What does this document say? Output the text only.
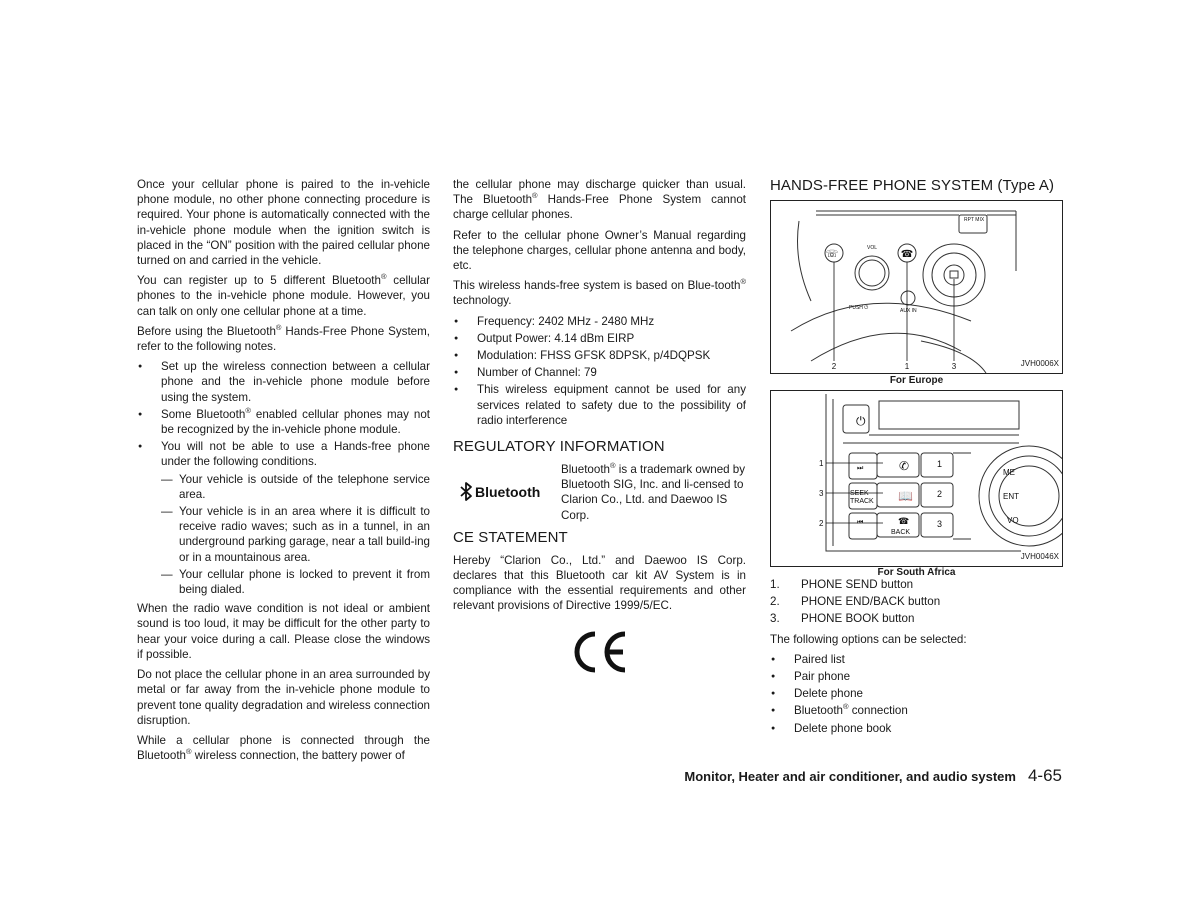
Once your cellular phone is paired to the in-vehicle phone module, no other phone connecting procedure is required. Your phone is automatically connected with the in-vehicle phone module when the ignition switch is placed in the “ON” position with the paired cellular phone turned on and carried in the vehicle.

You can register up to 5 different Bluetooth® cellular phones to the in-vehicle phone module. However, you can talk on only one cellular phone at a time.

Before using the Bluetooth® Hands-Free Phone System, refer to the following notes.

● Set up the wireless connection between a cellular phone and the in-vehicle phone module before using the system.
● Some Bluetooth® enabled cellular phones may not be recognized by the in-vehicle phone module.
● You will not be able to use a Hands-free phone under the following conditions.
— Your vehicle is outside of the telephone service area.
— Your vehicle is in an area where it is difficult to receive radio waves; such as in a tunnel, in an underground parking garage, near a tall build-ing or in a mountainous area.
— Your cellular phone is locked to prevent it from being dialed.

When the radio wave condition is not ideal or ambient sound is too loud, it may be difficult for the other party to hear your voice during a call. Please close the windows if possible.

Do not place the cellular phone in an area surrounded by metal or far away from the in-vehicle phone module to prevent tone quality degradation and wireless connection disruption.

While a cellular phone is connected through the Bluetooth® wireless connection, the battery power of

the cellular phone may discharge quicker than usual. The Bluetooth® Hands-Free Phone System cannot charge cellular phones.

Refer to the cellular phone Owner’s Manual regarding the telephone charges, cellular phone antenna and body, etc.

This wireless hands-free system is based on Blue-tooth® technology.

● Frequency: 2402 MHz - 2480 MHz
● Output Power: 4.14 dBm EIRP
● Modulation: FHSS GFSK 8DPSK, p/4DQPSK
● Number of Channel: 79
● This wireless equipment cannot be used for any services related to safety due to the possibility of radio interference
REGULATORY INFORMATION
Bluetooth
Bluetooth® is a trademark owned by Bluetooth SIG, Inc. and li-censed to Clarion Co., Ltd. and Daewoo IS Corp.
CE STATEMENT

Hereby “Clarion Co., Ltd.” and Daewoo IS Corp. declares that this Bluetooth car kit AV System is in compliance with the essential requirements and other relevant provisions of Directive 1999/5/EC.

HANDS-FREE PHONE SYSTEM (Type A)
RPT MIX
VOL
PUSH ⏻	AUX IN
☏	☎
2	1	3	JVH0006X
For Europe
⏻
⏭
⏮
SEEK
TRACK
✆
📖
☎
BACK
1
2
3
ME
ENT
VO
1
3
2
JVH0046X
For South Africa
1.	PHONE SEND button
2.	PHONE END/BACK button
3.	PHONE BOOK button

The following options can be selected:

● Paired list
● Pair phone
● Delete phone
● Bluetooth® connection
● Delete phone book
Monitor, Heater and air conditioner, and audio system 4-65
